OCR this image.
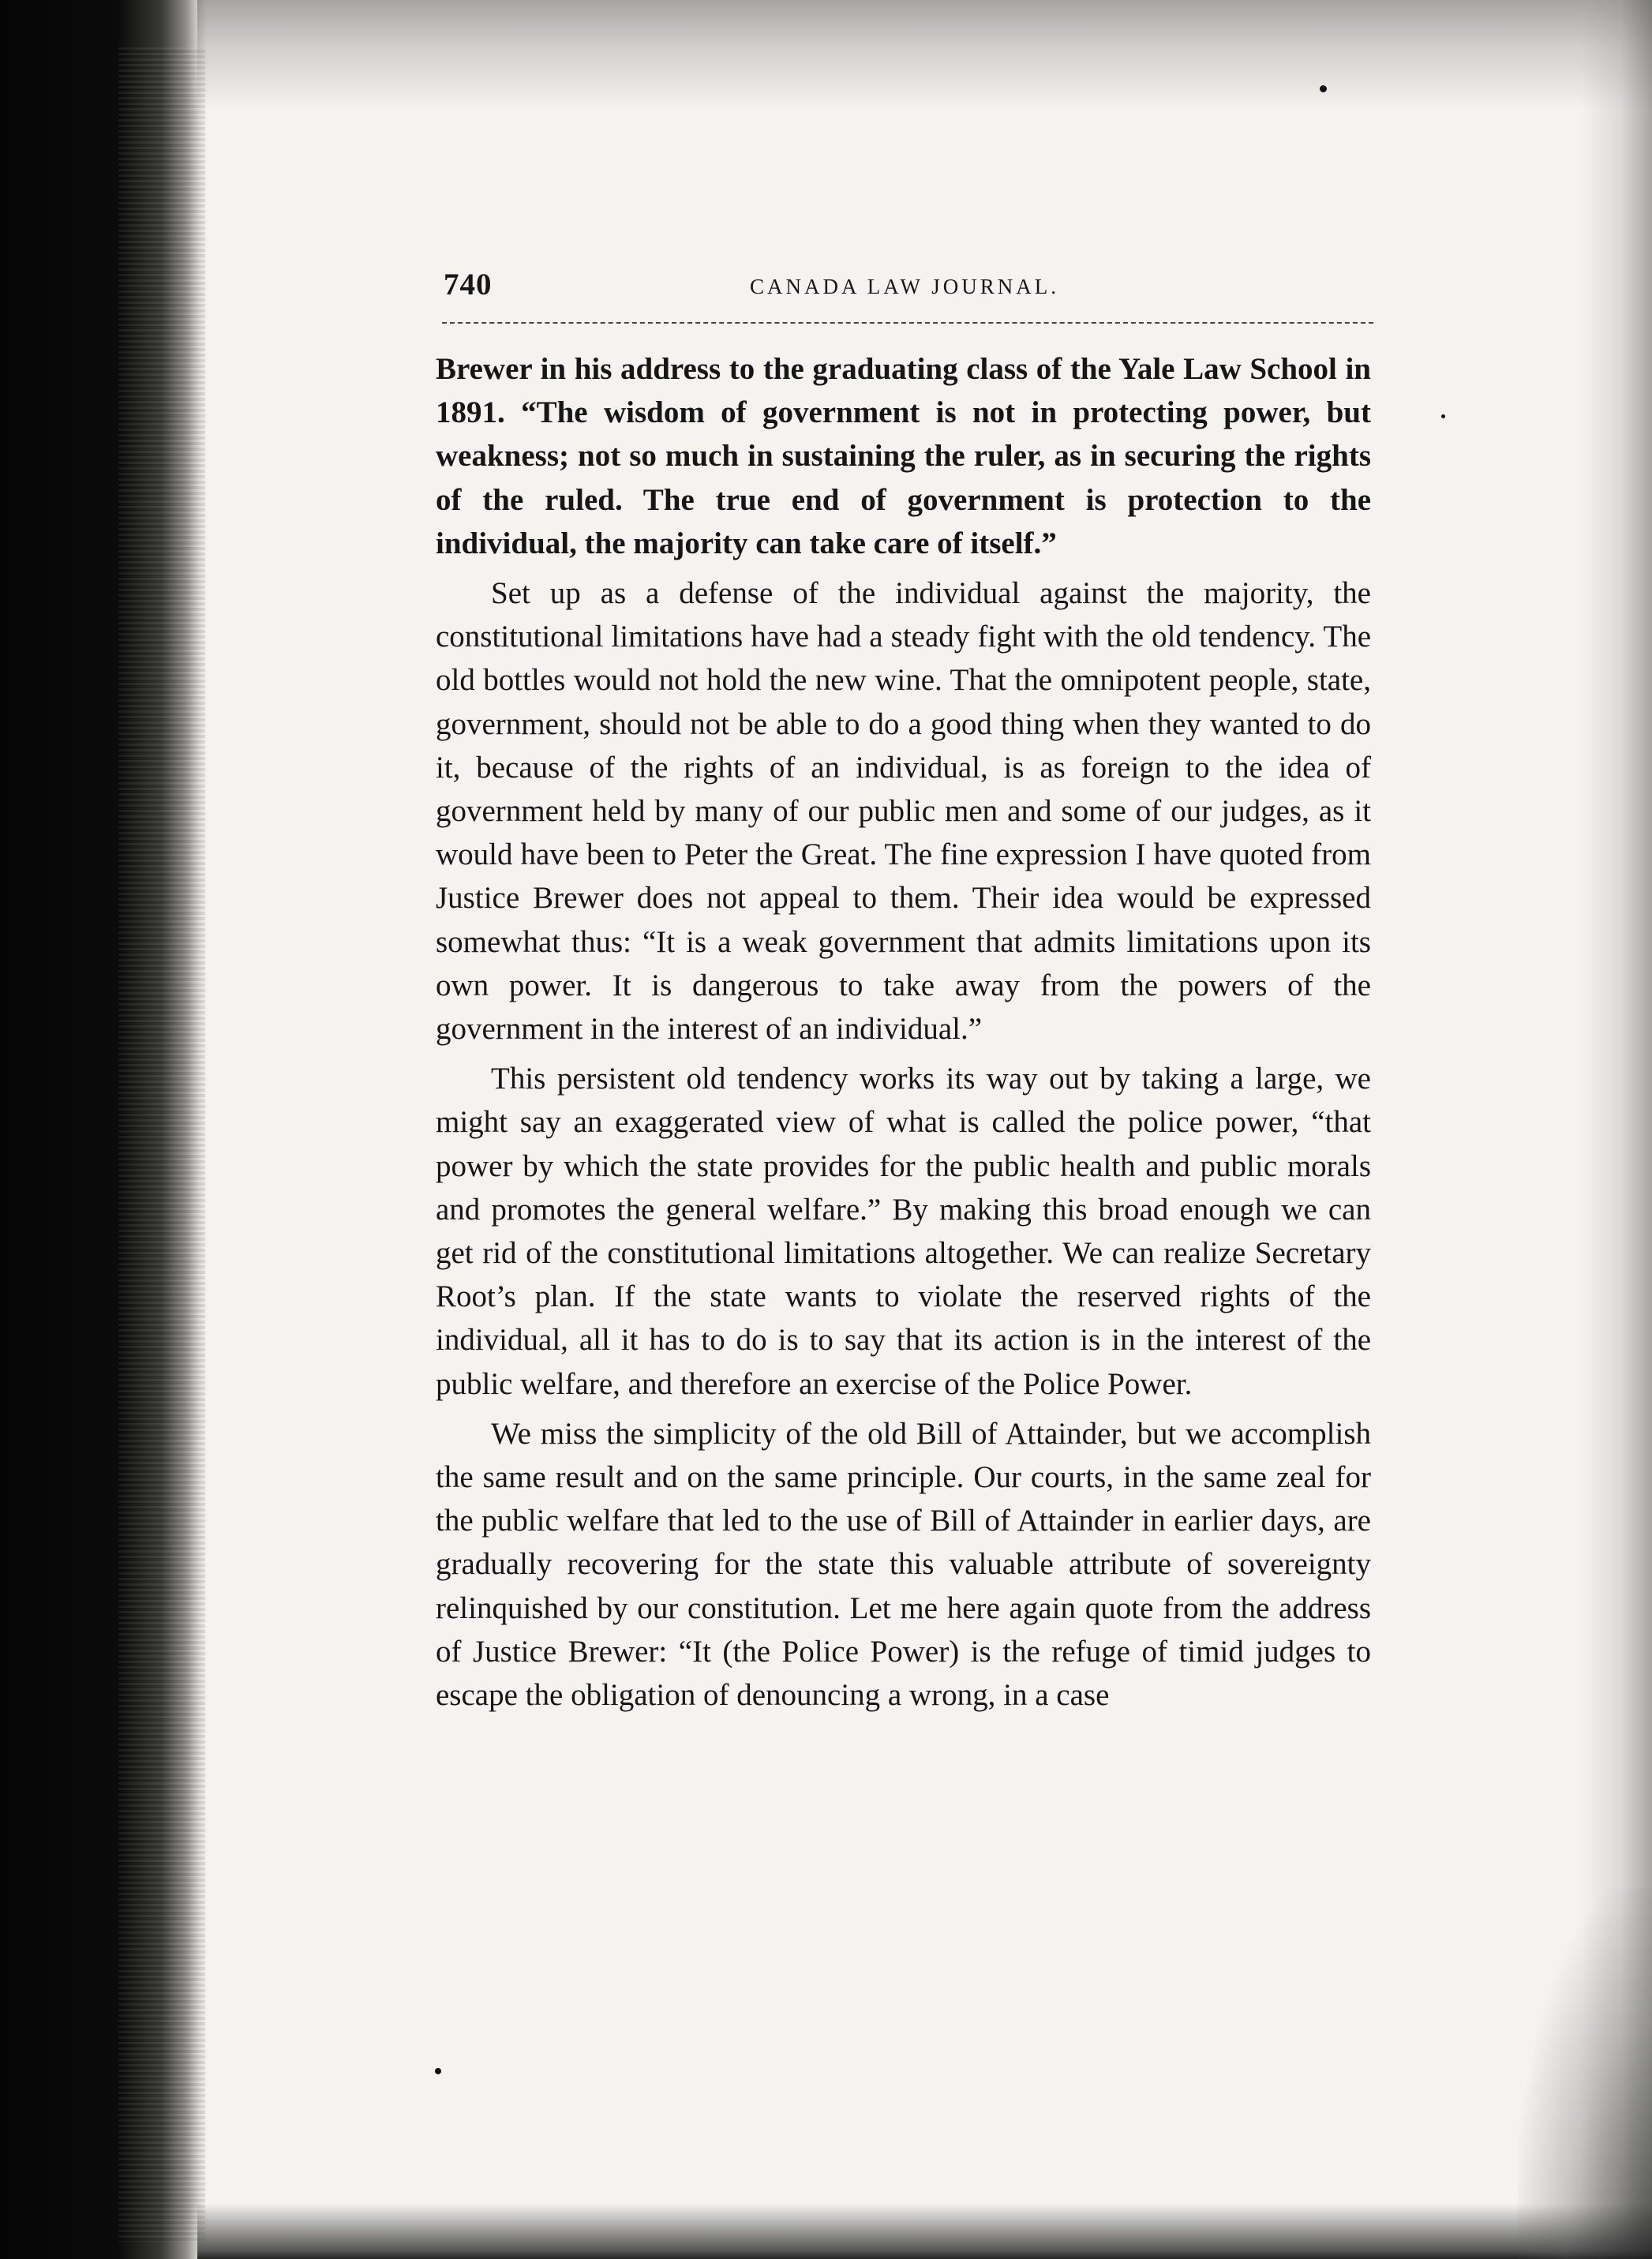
740	CANADA LAW JOURNAL.

Brewer in his address to the graduating class of the Yale Law School in 1891. “The wisdom of government is not in protecting power, but weakness; not so much in sustaining the ruler, as in securing the rights of the ruled. The true end of government is protection to the individual, the majority can take care of itself.”

Set up as a defense of the individual against the majority, the constitutional limitations have had a steady fight with the old tendency. The old bottles would not hold the new wine. That the omnipotent people, state, government, should not be able to do a good thing when they wanted to do it, because of the rights of an individual, is as foreign to the idea of government held by many of our public men and some of our judges, as it would have been to Peter the Great. The fine expression I have quoted from Justice Brewer does not appeal to them. Their idea would be expressed somewhat thus: “It is a weak government that admits limitations upon its own power. It is dangerous to take away from the powers of the government in the interest of an individual.”

This persistent old tendency works its way out by taking a large, we might say an exaggerated view of what is called the police power, “that power by which the state provides for the public health and public morals and promotes the general welfare.” By making this broad enough we can get rid of the constitutional limitations altogether. We can realize Secretary Root’s plan. If the state wants to violate the reserved rights of the individual, all it has to do is to say that its action is in the interest of the public welfare, and therefore an exercise of the Police Power.

We miss the simplicity of the old Bill of Attainder, but we accomplish the same result and on the same principle. Our courts, in the same zeal for the public welfare that led to the use of Bill of Attainder in earlier days, are gradually recovering for the state this valuable attribute of sovereignty relinquished by our constitution. Let me here again quote from the address of Justice Brewer: “It (the Police Power) is the refuge of timid judges to escape the obligation of denouncing a wrong, in a case
